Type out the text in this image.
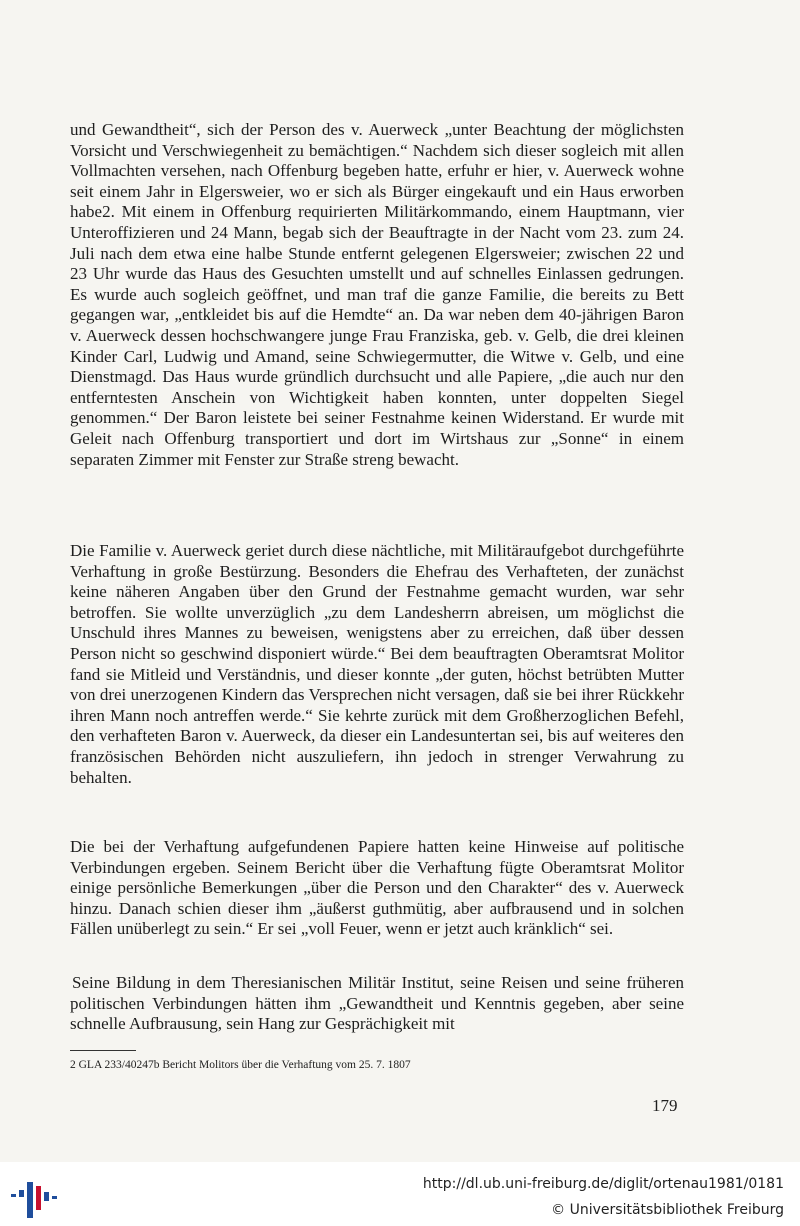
und Gewandtheit“, sich der Person des v. Auerweck „unter Beachtung der möglichsten Vorsicht und Verschwiegenheit zu bemächtigen.“ Nachdem sich dieser sogleich mit allen Vollmachten versehen, nach Offenburg begeben hatte, erfuhr er hier, v. Auerweck wohne seit einem Jahr in Elgersweier, wo er sich als Bürger eingekauft und ein Haus erworben habe2. Mit einem in Offenburg requirierten Militärkommando, einem Hauptmann, vier Unteroffizieren und 24 Mann, begab sich der Beauftragte in der Nacht vom 23. zum 24. Juli nach dem etwa eine halbe Stunde entfernt gelegenen Elgersweier; zwischen 22 und 23 Uhr wurde das Haus des Gesuchten umstellt und auf schnelles Einlassen gedrungen. Es wurde auch sogleich geöffnet, und man traf die ganze Familie, die bereits zu Bett gegangen war, „entkleidet bis auf die Hemdte“ an. Da war neben dem 40-jährigen Baron v. Auerweck dessen hochschwangere junge Frau Franziska, geb. v. Gelb, die drei kleinen Kinder Carl, Ludwig und Amand, seine Schwiegermutter, die Witwe v. Gelb, und eine Dienstmagd. Das Haus wurde gründlich durchsucht und alle Papiere, „die auch nur den entferntesten Anschein von Wichtigkeit haben konnten, unter doppelten Siegel genommen.“ Der Baron leistete bei seiner Festnahme keinen Widerstand. Er wurde mit Geleit nach Offenburg transportiert und dort im Wirtshaus zur „Sonne“ in einem separaten Zimmer mit Fenster zur Straße streng bewacht.

Die Familie v. Auerweck geriet durch diese nächtliche, mit Militäraufgebot durchgeführte Verhaftung in große Bestürzung. Besonders die Ehefrau des Verhafteten, der zunächst keine näheren Angaben über den Grund der Festnahme gemacht wurden, war sehr betroffen. Sie wollte unverzüglich „zu dem Landesherrn abreisen, um möglichst die Unschuld ihres Mannes zu beweisen, wenigstens aber zu erreichen, daß über dessen Person nicht so geschwind disponiert würde.“ Bei dem beauftragten Oberamtsrat Molitor fand sie Mitleid und Verständnis, und dieser konnte „der guten, höchst betrübten Mutter von drei unerzogenen Kindern das Versprechen nicht versagen, daß sie bei ihrer Rückkehr ihren Mann noch antreffen werde.“ Sie kehrte zurück mit dem Großherzoglichen Befehl, den verhafteten Baron v. Auerweck, da dieser ein Landesuntertan sei, bis auf weiteres den französischen Behörden nicht auszuliefern, ihn jedoch in strenger Verwahrung zu behalten.

Die bei der Verhaftung aufgefundenen Papiere hatten keine Hinweise auf politische Verbindungen ergeben. Seinem Bericht über die Verhaftung fügte Oberamtsrat Molitor einige persönliche Bemerkungen „über die Person und den Charakter“ des v. Auerweck hinzu. Danach schien dieser ihm „äußerst guthmütig, aber aufbrausend und in solchen Fällen unüberlegt zu sein.“ Er sei „voll Feuer, wenn er jetzt auch kränklich“ sei.

Seine Bildung in dem Theresianischen Militär Institut, seine Reisen und seine früheren politischen Verbindungen hätten ihm „Gewandtheit und Kenntnis gegeben, aber seine schnelle Aufbrausung, sein Hang zur Gesprächigkeit mit

2 GLA 233/40247b Bericht Molitors über die Verhaftung vom 25. 7. 1807
179
http://dl.ub.uni-freiburg.de/diglit/ortenau1981/0181
© Universitätsbibliothek Freiburg
